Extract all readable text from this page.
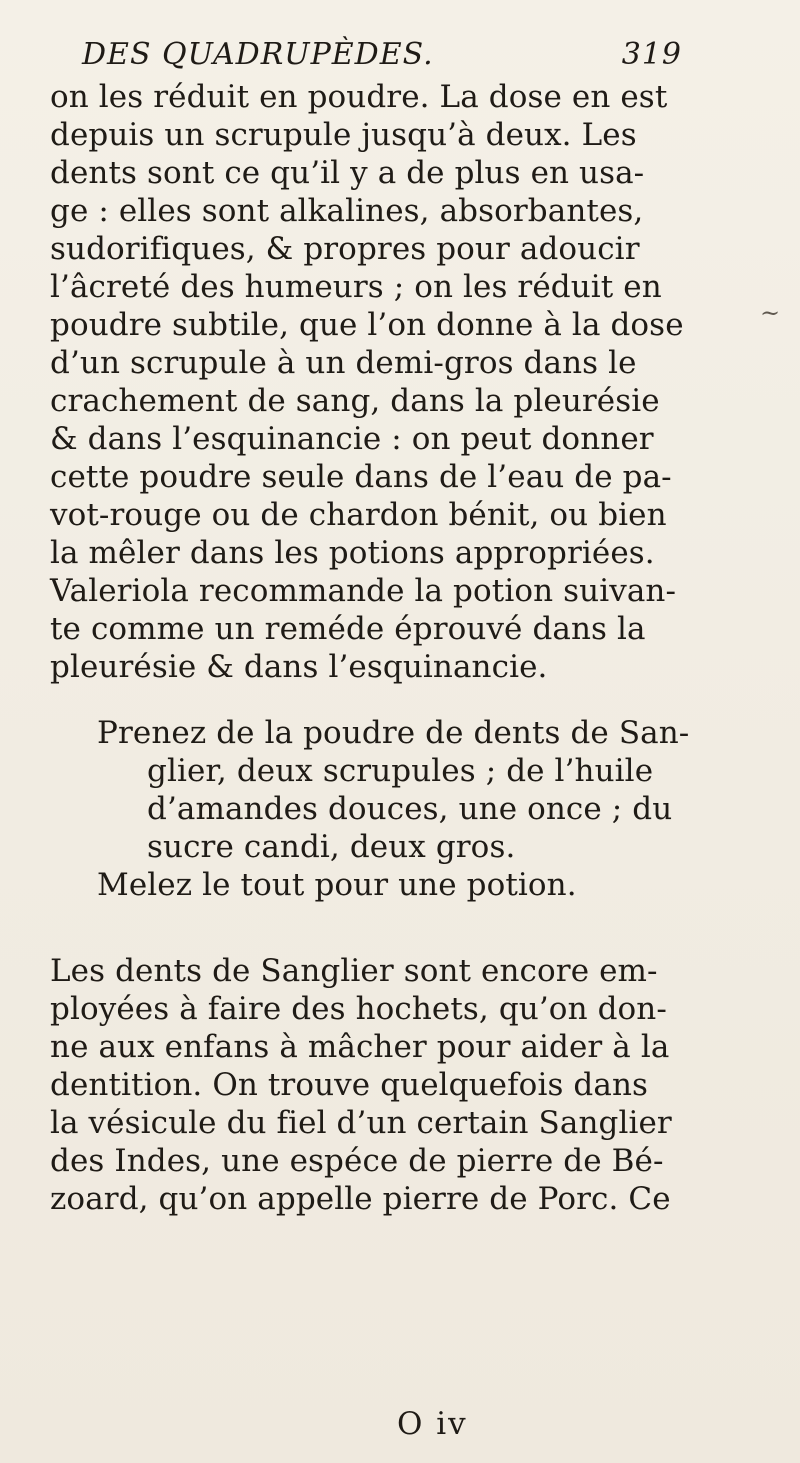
DES QUADRUPÈDES.	319
on les réduit en poudre. La dose en est
depuis un scrupule jusqu’à deux. Les
dents sont ce qu’il y a de plus en usa-
ge : elles sont alkalines, absorbantes,
sudorifiques, & propres pour adoucir
l’âcreté des humeurs ; on les réduit en
poudre subtile, que l’on donne à la dose
d’un scrupule à un demi-gros dans le
crachement de sang, dans la pleurésie
& dans l’esquinancie : on peut donner
cette poudre seule dans de l’eau de pa-
vot-rouge ou de chardon bénit, ou bien
la mêler dans les potions appropriées.
Valeriola recommande la potion suivan-
te comme un reméde éprouvé dans la
pleurésie & dans l’esquinancie.
Prenez de la poudre de dents de San-
glier, deux scrupules ; de l’huile
d’amandes douces, une once ; du
sucre candi, deux gros.
Melez le tout pour une potion.
Les dents de Sanglier sont encore em-
ployées à faire des hochets, qu’on don-
ne aux enfans à mâcher pour aider à la
dentition. On trouve quelquefois dans
la vésicule du fiel d’un certain Sanglier
des Indes, une espéce de pierre de Bé-
zoard, qu’on appelle pierre de Porc. Ce
O iv
~
